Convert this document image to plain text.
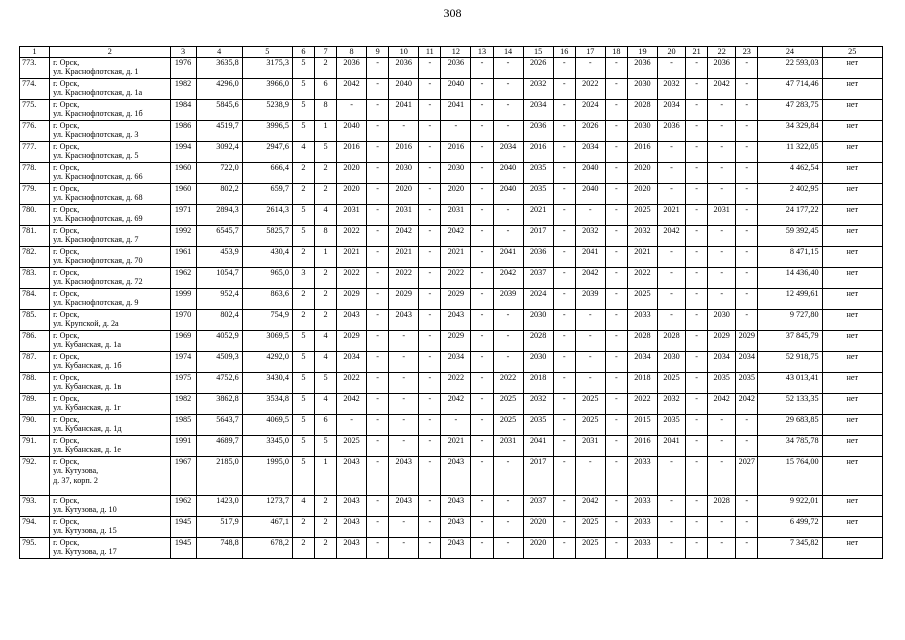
308
1	2	3	4	5	6	7	8	9	10	11	12	13	14	15	16	17	18	19	20	21	22	23	24	25
773.	г. Орск,
ул. Краснофлотская, д. 1	1976	3635,8	3175,3	5	2	2036	-	2036	-	2036	-	-	2026	-	-	-	2036	-	-	2036	-	22 593,03	нет
774.	г. Орск,
ул. Краснофлотская, д. 1а	1982	4296,0	3966,0	5	6	2042	-	2040	-	2040	-	-	2032	-	2022	-	2030	2032	-	2042	-	47 714,46	нет
775.	г. Орск,
ул. Краснофлотская, д. 1б	1984	5845,6	5238,9	5	8	-	-	2041	-	2041	-	-	2034	-	2024	-	2028	2034	-	-	-	47 283,75	нет
776.	г. Орск,
ул. Краснофлотская, д. 3	1986	4519,7	3996,5	5	1	2040	-	-	-	-	-	-	2036	-	2026	-	2030	2036	-	-	-	34 329,84	нет
777.	г. Орск,
ул. Краснофлотская, д. 5	1994	3092,4	2947,6	4	5	2016	-	2016	-	2016	-	2034	2016	-	2034	-	2016	-	-	-	-	11 322,05	нет
778.	г. Орск,
ул. Краснофлотская, д. 66	1960	722,0	666,4	2	2	2020	-	2030	-	2030	-	2040	2035	-	2040	-	2020	-	-	-	-	4 462,54	нет
779.	г. Орск,
ул. Краснофлотская, д. 68	1960	802,2	659,7	2	2	2020	-	2020	-	2020	-	2040	2035	-	2040	-	2020	-	-	-	-	2 402,95	нет
780.	г. Орск,
ул. Краснофлотская, д. 69	1971	2894,3	2614,3	5	4	2031	-	2031	-	2031	-	-	2021	-	-	-	2025	2021	-	2031	-	24 177,22	нет
781.	г. Орск,
ул. Краснофлотская, д. 7	1992	6545,7	5825,7	5	8	2022	-	2042	-	2042	-	-	2017	-	2032	-	2032	2042	-	-	-	59 392,45	нет
782.	г. Орск,
ул. Краснофлотская, д. 70	1961	453,9	430,4	2	1	2021	-	2021	-	2021	-	2041	2036	-	2041	-	2021	-	-	-	-	8 471,15	нет
783.	г. Орск,
ул. Краснофлотская, д. 72	1962	1054,7	965,0	3	2	2022	-	2022	-	2022	-	2042	2037	-	2042	-	2022	-	-	-	-	14 436,40	нет
784.	г. Орск,
ул. Краснофлотская, д. 9	1999	952,4	863,6	2	2	2029	-	2029	-	2029	-	2039	2024	-	2039	-	2025	-	-	-	-	12 499,61	нет
785.	г. Орск,
ул. Крупской, д. 2а	1970	802,4	754,9	2	2	2043	-	2043	-	2043	-	-	2030	-	-	-	2033	-	-	2030	-	9 727,80	нет
786.	г. Орск,
ул. Кубанская, д. 1а	1969	4052,9	3069,5	5	4	2029	-	-	-	2029	-	-	2028	-	-	-	2028	2028	-	2029	2029	37 845,79	нет
787.	г. Орск,
ул. Кубанская, д. 1б	1974	4509,3	4292,0	5	4	2034	-	-	-	2034	-	-	2030	-	-	-	2034	2030	-	2034	2034	52 918,75	нет
788.	г. Орск,
ул. Кубанская, д. 1в	1975	4752,6	3430,4	5	5	2022	-	-	-	2022	-	2022	2018	-	-	-	2018	2025	-	2035	2035	43 013,41	нет
789.	г. Орск,
ул. Кубанская, д. 1г	1982	3862,8	3534,8	5	4	2042	-	-	-	2042	-	2025	2032	-	2025	-	2022	2032	-	2042	2042	52 133,35	нет
790.	г. Орск,
ул. Кубанская, д. 1д	1985	5643,7	4069,5	5	6	-	-	-	-	-	-	2025	2035	-	2025	-	2015	2035	-	-	-	29 683,85	нет
791.	г. Орск,
ул. Кубанская, д. 1е	1991	4689,7	3345,0	5	5	2025	-	-	-	2021	-	2031	2041	-	2031	-	2016	2041	-	-	-	34 785,78	нет
792.	г. Орск,
ул. Кутузова,
д. 37, корп. 2	1967	2185,0	1995,0	5	1	2043	-	2043	-	2043	-	-	2017	-	-	-	2033	-	-	-	2027	15 764,00	нет
793.	г. Орск,
ул. Кутузова, д. 10	1962	1423,0	1273,7	4	2	2043	-	2043	-	2043	-	-	2037	-	2042	-	2033	-	-	2028	-	9 922,01	нет
794.	г. Орск,
ул. Кутузова, д. 15	1945	517,9	467,1	2	2	2043	-	-	-	2043	-	-	2020	-	2025	-	2033	-	-	-	-	6 499,72	нет
795.	г. Орск,
ул. Кутузова, д. 17	1945	748,8	678,2	2	2	2043	-	-	-	2043	-	-	2020	-	2025	-	2033	-	-	-	-	7 345,82	нет
